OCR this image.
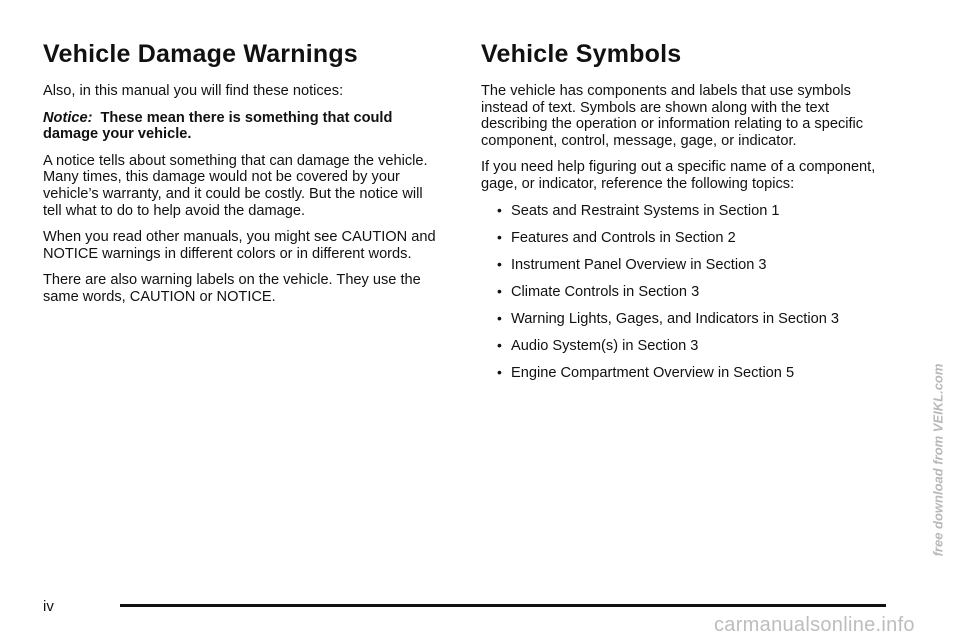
Vehicle Damage Warnings

Also, in this manual you will find these notices:

Notice: These mean there is something that could damage your vehicle.

A notice tells about something that can damage the vehicle. Many times, this damage would not be covered by your vehicle’s warranty, and it could be costly. But the notice will tell what to do to help avoid the damage.

When you read other manuals, you might see CAUTION and NOTICE warnings in different colors or in different words.

There are also warning labels on the vehicle. They use the same words, CAUTION or NOTICE.

Vehicle Symbols

The vehicle has components and labels that use symbols instead of text. Symbols are shown along with the text describing the operation or information relating to a specific component, control, message, gage, or indicator.

If you need help figuring out a specific name of a component, gage, or indicator, reference the following topics:

• Seats and Restraint Systems in Section 1
• Features and Controls in Section 2
• Instrument Panel Overview in Section 3
• Climate Controls in Section 3
• Warning Lights, Gages, and Indicators in Section 3
• Audio System(s) in Section 3
• Engine Compartment Overview in Section 5
iv
free download from VEIKL.com
carmanualsonline.info
